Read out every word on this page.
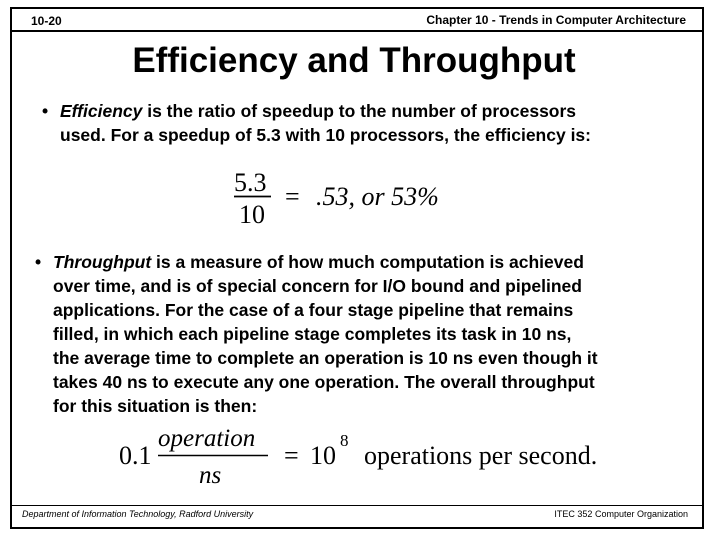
10-20	Chapter 10 - Trends in Computer Architecture
Efficiency and Throughput
• Efficiency is the ratio of speedup to the number of processors
used. For a speedup of 5.3 with 10 processors, the efficiency is:
• Throughput is a measure of how much computation is achieved
over time, and is of special concern for I/O bound and pipelined
applications. For the case of a four stage pipeline that remains
filled, in which each pipeline stage completes its task in 10 ns,
the average time to complete an operation is 10 ns even though it
takes 40 ns to execute any one operation. The overall throughput
for this situation is then:
5.3
10
= .53, or 53%
0.1
operation
ns
= 10
8
operations per second.
Department of Information Technology, Radford University	ITEC 352 Computer Organization
